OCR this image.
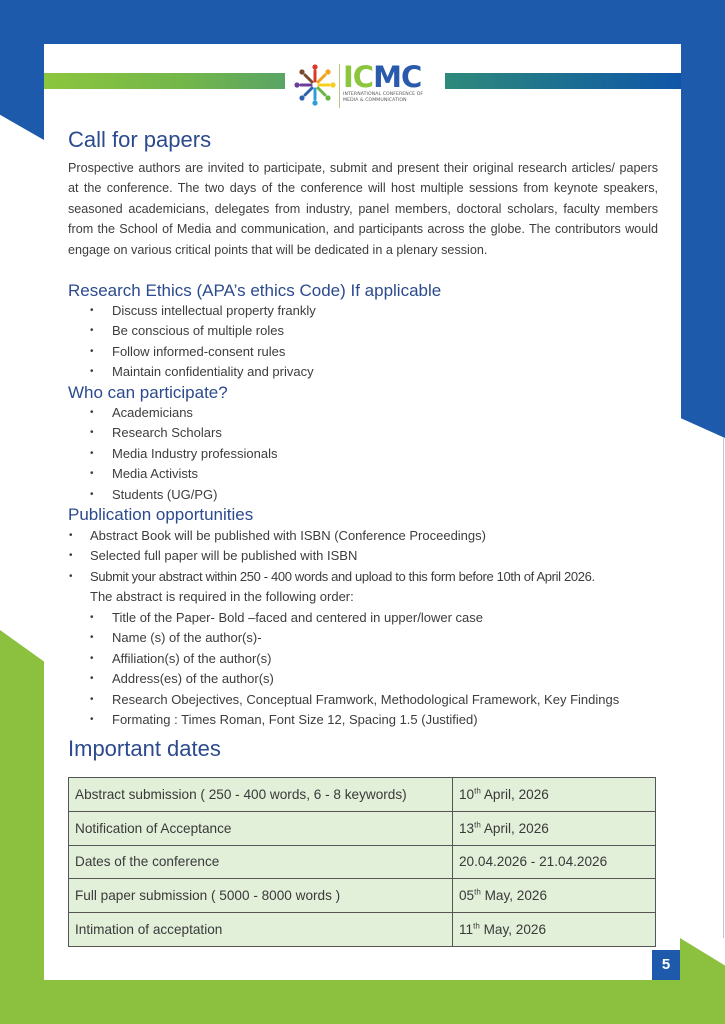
ICMC
INTERNATIONAL CONFERENCE OF
MEDIA & COMMUNICATION
Call for papers

Prospective authors are invited to participate, submit and present their original research articles/ papers at the conference. The two days of the conference will host multiple sessions from keynote speakers, seasoned academicians, delegates from industry, panel members, doctoral scholars, faculty members from the School of Media and communication, and participants across the globe. The contributors would engage on various critical points that will be dedicated in a plenary session.

Research Ethics (APA’s ethics Code) If applicable
• Discuss intellectual property frankly
• Be conscious of multiple roles
• Follow informed-consent rules
• Maintain confidentiality and privacy
Who can participate?
• Academicians
• Research Scholars
• Media Industry professionals
• Media Activists
• Students (UG/PG)
Publication opportunities
• Abstract Book will be published with ISBN (Conference Proceedings)
• Selected full paper will be published with ISBN
• Submit your abstract within 250 - 400 words and upload to this form before 10th of April 2026.
The abstract is required in the following order:
• Title of the Paper- Bold –faced and centered in upper/lower case
• Name (s) of the author(s)-
• Affiliation(s) of the author(s)
• Address(es) of the author(s)
• Research Obejectives, Conceptual Framwork, Methodological Framework, Key Findings
• Formating : Times Roman, Font Size 12, Spacing 1.5 (Justified)
Important dates
Abstract submission ( 250 - 400 words, 6 - 8 keywords)	10th April, 2026
Notification of Acceptance	13th April, 2026
Dates of the conference	20.04.2026 - 21.04.2026
Full paper submission ( 5000 - 8000 words )	05th May, 2026
Intimation of acceptation	11th May, 2026
5
